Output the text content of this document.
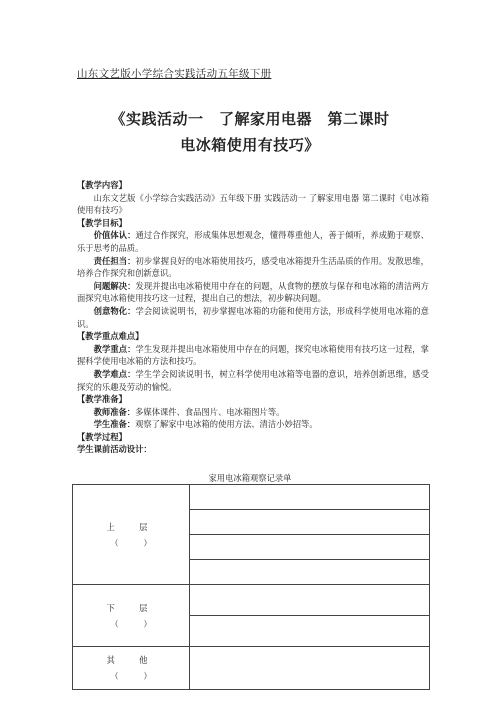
山东文艺版小学综合实践活动五年级下册
《实践活动一　了解家用电器　第二课时
电冰箱使用有技巧》

【教学内容】

山东文艺版《小学综合实践活动》五年级下册 实践活动一 了解家用电器 第二课时《电冰箱使用有技巧》

【教学目标】

价值体认：通过合作探究，形成集体思想观念，懂得尊重他人，善于倾听，养成勤于观察、乐于思考的品质。

责任担当：初步掌握良好的电冰箱使用技巧，感受电冰箱提升生活品质的作用。发散思维，培养合作探究和创新意识。

问题解决：发现并提出电冰箱使用中存在的问题，从食物的摆放与保存和电冰箱的清洁两方面探究电冰箱使用技巧这一过程，提出自己的想法，初步解决问题。

创意物化：学会阅读说明书，初步掌握电冰箱的功能和使用方法，形成科学使用电冰箱的意识。

【教学重点难点】

教学重点：学生发现并提出电冰箱使用中存在的问题，探究电冰箱使用有技巧这一过程，掌握科学使用电冰箱的方法和技巧。

教学难点：学生学会阅读说明书，树立科学使用电冰箱等电器的意识，培养创新思维，感受探究的乐趣及劳动的愉悦。

【教学准备】

教师准备：多媒体课件、食品图片、电冰箱图片等。

学生准备：观察了解家中电冰箱的使用方法、清洁小妙招等。

【教学过程】

学生课前活动设计：

家用电冰箱观察记录单
上　层
（　　　）	

下　层
（　　　）	

其　他
（　　　）	
